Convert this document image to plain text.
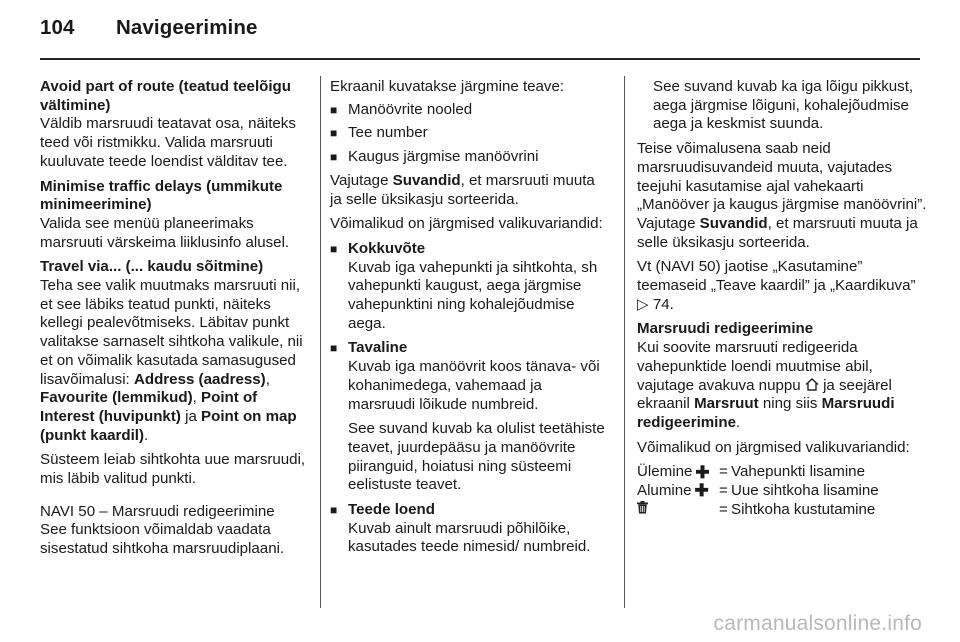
104 Navigeerimine
Avoid part of route (teatud teelõigu vältimine)
Väldib marsruudi teatavat osa, näiteks teed või ristmikku. Valida marsruuti kuuluvate teede loendist välditav tee.
Minimise traffic delays (ummikute minimeerimine)
Valida see menüü planeerimaks marsruuti värskeima liiklusinfo alusel.
Travel via... (... kaudu sõitmine)
Teha see valik muutmaks marsruuti nii, et see läbiks teatud punkti, näiteks kellegi pealevõtmiseks. Läbitav punkt valitakse sarnaselt sihtkoha valikule, nii et on võimalik kasutada samasugused lisavõimalusi: Address (aadress), Favourite (lemmikud), Point of Interest (huvipunkt) ja Point on map (punkt kaardil).

Süsteem leiab sihtkohta uue marsruudi, mis läbib valitud punkti.

NAVI 50 – Marsruudi redigeerimine
See funktsioon võimaldab vaadata sisestatud sihtkoha marsruudiplaani.

Ekraanil kuvatakse järgmine teave:

■ Manöövrite nooled
■ Tee number
■ Kaugus järgmise manöövrini

Vajutage Suvandid, et marsruuti muuta ja selle üksikasju sorteerida.

Võimalikud on järgmised valikuvariandid:

■ Kokkuvõte

Kuvab iga vahepunkti ja sihtkohta, sh vahepunkti kaugust, aega järgmise vahepunktini ning kohalejõudmise aega.

■ Tavaline

Kuvab iga manöövrit koos tänava- või kohanimedega, vahemaad ja marsruudi lõikude numbreid.

See suvand kuvab ka olulist teetähiste teavet, juurdepääsu ja manöövrite piiranguid, hoiatusi ning süsteemi eelistuste teavet.

■ Teede loend

Kuvab ainult marsruudi põhilõike, kasutades teede nimesid/ numbreid.

See suvand kuvab ka iga lõigu pikkust, aega järgmise lõiguni, kohalejõudmise aega ja keskmist suunda.

Teise võimalusena saab neid marsruudisuvandeid muuta, vajutades teejuhi kasutamise ajal vahekaarti „Manööver ja kaugus järgmise manöövrini”. Vajutage Suvandid, et marsruuti muuta ja selle üksikasju sorteerida.

Vt (NAVI 50) jaotise „Kasutamine” teemaseid „Teave kaardil” ja „Kaardikuva” ▷ 74.

Marsruudi redigeerimine
Kui soovite marsruuti redigeerida vahepunktide loendi muutmise abil, vajutage avakuva nuppu ja seejärel ekraanil Marsruut ning siis Marsruudi redigeerimine.

Võimalikud on järgmised valikuvariandid:

Ülemine ✚ = Vahepunkti lisamine
Alumine ✚ = Uue sihtkoha lisamine
= Sihtkoha kustutamine
carmanualsonline.info
